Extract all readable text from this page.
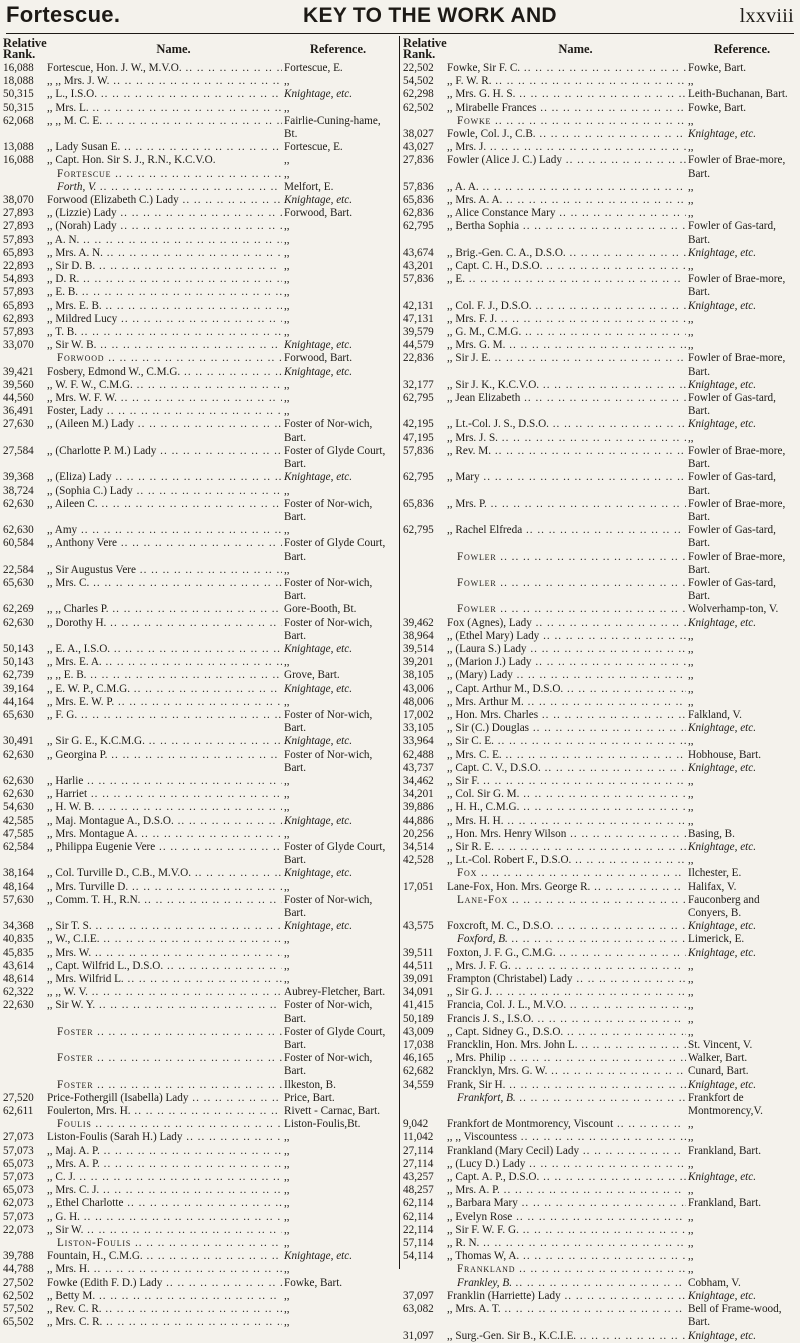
Fortescue.	KEY TO THE WORK AND	lxxviii
Relative Rank.	Name.	Reference.
16,088	Fortescue, Hon. J. W., M.V.O. .. ..	Fortescue, E.
18,088	,, ,, Mrs. J. W. .. ..	,,
50,315	,, L., I.S.O. .. ..	Knightage, etc.
50,315	,, Mrs. L. .. ..	,,
62,068	,, ,, M. C. E. .. ..	Fairlie-Cuning-hame, Bt.
13,088	,, Lady Susan E. .. ..	Fortescue, E.
16,088	,, Capt. Hon. Sir S. J., R.N., K.C.V.O.	,,
Fortescue .. ..	,,
Forth, V. .. ..	Melfort, E.
38,070	Forwood (Elizabeth C.) Lady .. ..	Knightage, etc.
27,893	,, (Lizzie) Lady .. ..	Forwood, Bart.
27,893	,, (Norah) Lady .. ..	,,
57,893	,, A. N. .. ..	,,
65,893	,, Mrs. A. N. .. ..	,,
22,893	,, Sir D. B. .. ..	,,
54,893	,, D. R. .. ..	,,
57,893	,, E. B. .. ..	,,
65,893	,, Mrs. E. B. .. ..	,,
62,893	,, Mildred Lucy .. ..	,,
57,893	,, T. B. .. ..	,,
33,070	,, Sir W. B. .. ..	Knightage, etc.
Forwood .. ..	Forwood, Bart.
39,421	Fosbery, Edmond W., C.M.G. .. ..	Knightage, etc.
39,560	,, W. F. W., C.M.G. .. ..	,,
44,560	,, Mrs. W. F. W. .. ..	,,
36,491	Foster, Lady .. ..	,,
27,630	,, (Aileen M.) Lady .. ..	Foster of Nor-wich, Bart.
27,584	,, (Charlotte P. M.) Lady .. ..	Foster of Glyde Court, Bart.
39,368	,, (Eliza) Lady .. ..	Knightage, etc.
38,724	,, (Sophia C.) Lady .. ..	,,
62,630	,, Aileen C. .. ..	Foster of Nor-wich, Bart.
62,630	,, Amy .. ..	,,
60,584	,, Anthony Vere .. ..	Foster of Glyde Court, Bart.
22,584	,, Sir Augustus Vere .. ..	,,
65,630	,, Mrs. C. .. ..	Foster of Nor-wich, Bart.
62,269	,, ,, Charles P. .. ..	Gore-Booth, Bt.
62,630	,, Dorothy H. .. ..	Foster of Nor-wich, Bart.
50,143	,, E. A., I.S.O. .. ..	Knightage, etc.
50,143	,, Mrs. E. A. .. ..	,,
62,739	,, ,, E. B. .. ..	Grove, Bart.
39,164	,, E. W. P., C.M.G. .. ..	Knightage, etc.
44,164	,, Mrs. E. W. P. .. ..	,,
65,630	,, F. G. .. ..	Foster of Nor-wich, Bart.
30,491	,, Sir G. E., K.C.M.G. .. ..	Knightage, etc.
62,630	,, Georgina P. .. ..	Foster of Nor-wich, Bart.
62,630	,, Harlie .. ..	,,
62,630	,, Harriet .. ..	,,
54,630	,, H. W. B. .. ..	,,
42,585	,, Maj. Montague A., D.S.O. .. ..	Knightage, etc.
47,585	,, Mrs. Montague A. .. ..	,,
62,584	,, Philippa Eugenie Vere .. ..	Foster of Glyde Court, Bart.
38,164	,, Col. Turville D., C.B., M.V.O. .. ..	Knightage, etc.
48,164	,, Mrs. Turville D. .. ..	,,
57,630	,, Comm. T. H., R.N. .. ..	Foster of Nor-wich, Bart.
34,368	,, Sir T. S. .. ..	Knightage, etc.
40,835	,, W., C.I.E. .. ..	,,
45,835	,, Mrs. W. .. ..	,,
43,614	,, Capt. Wilfrid L., D.S.O. .. ..	,,
48,614	,, Mrs. Wilfrid L. .. ..	,,
62,322	,, ,, W. V. .. ..	Aubrey-Fletcher, Bart.
22,630	,, Sir W. Y. .. ..	Foster of Nor-wich, Bart.
Foster .. ..	Foster of Glyde Court, Bart.
Foster .. ..	Foster of Nor-wich, Bart.
Foster .. ..	Ilkeston, B.
27,520	Price-Fothergill (Isabella) Lady .. ..	Price, Bart.
62,611	Foulerton, Mrs. H. .. ..	Rivett - Carnac, Bart.
Foulis .. ..	Liston-Foulis,Bt.
27,073	Liston-Foulis (Sarah H.) Lady .. ..	,,
57,073	,, Maj. A. P. .. ..	,,
65,073	,, Mrs. A. P. .. ..	,,
57,073	,, C. J. .. ..	,,
65,073	,, Mrs. C. J. .. ..	,,
62,073	,, Ethel Charlotte .. ..	,,
57,073	,, G. H. .. ..	,,
22,073	,, Sir W. .. ..	,,
Liston-Foulis .. ..	,,
39,788	Fountain, H., C.M.G. .. ..	Knightage, etc.
44,788	,, Mrs. H. .. ..	,,
27,502	Fowke (Edith F. D.) Lady .. ..	Fowke, Bart.
62,502	,, Betty M. .. ..	,,
57,502	,, Rev. C. R. .. ..	,,
65,502	,, Mrs. C. R. .. ..	,,
Relative Rank.	Name.	Reference.
22,502	Fowke, Sir F. C. .. ..	Fowke, Bart.
54,502	,, F. W. R. .. ..	,,
62,298	,, Mrs. G. H. S. .. ..	Leith-Buchanan, Bart.
62,502	,, Mirabelle Frances .. ..	Fowke, Bart.
Fowke .. ..	,,
38,027	Fowle, Col. J., C.B. .. ..	Knightage, etc.
43,027	,, Mrs. J. .. ..	,,
27,836	Fowler (Alice J. C.) Lady .. ..	Fowler of Brae-more, Bart.
57,836	,, A. A. .. ..	,,
65,836	,, Mrs. A. A. .. ..	,,
62,836	,, Alice Constance Mary .. ..	,,
62,795	,, Bertha Sophia .. ..	Fowler of Gas-tard, Bart.
43,674	,, Brig.-Gen. C. A., D.S.O. .. ..	Knightage, etc.
43,201	,, Capt. C. H., D.S.O. .. ..	,,
57,836	,, E. .. ..	Fowler of Brae-more, Bart.
42,131	,, Col. F. J., D.S.O. .. ..	Knightage, etc.
47,131	,, Mrs. F. J. .. ..	,,
39,579	,, G. M., C.M.G. .. ..	,,
44,579	,, Mrs. G. M. .. ..	,,
22,836	,, Sir J. E. .. ..	Fowler of Brae-more, Bart.
32,177	,, Sir J. K., K.C.V.O. .. ..	Knightage, etc.
62,795	,, Jean Elizabeth .. ..	Fowler of Gas-tard, Bart.
42,195	,, Lt.-Col. J. S., D.S.O. .. ..	Knightage, etc.
47,195	,, Mrs. J. S. .. ..	,,
57,836	,, Rev. M. .. ..	Fowler of Brae-more, Bart.
62,795	,, Mary .. ..	Fowler of Gas-tard, Bart.
65,836	,, Mrs. P. .. ..	Fowler of Brae-more, Bart.
62,795	,, Rachel Elfreda .. ..	Fowler of Gas-tard, Bart.
Fowler .. ..	Fowler of Brae-more, Bart.
Fowler .. ..	Fowler of Gas-tard, Bart.
Fowler .. ..	Wolverhamp-ton, V.
39,462	Fox (Agnes), Lady .. ..	Knightage, etc.
38,964	,, (Ethel Mary) Lady .. ..	,,
39,514	,, (Laura S.) Lady .. ..	,,
39,201	,, (Marion J.) Lady .. ..	,,
38,105	,, (Mary) Lady .. ..	,,
43,006	,, Capt. Arthur M., D.S.O. .. ..	,,
48,006	,, Mrs. Arthur M. .. ..	,,
17,002	,, Hon. Mrs. Charles .. ..	Falkland, V.
33,105	,, Sir (C.) Douglas .. ..	Knightage, etc.
33,964	,, Sir C. E. .. ..	,,
62,488	,, Mrs. C. E. .. ..	Hobhouse, Bart.
43,737	,, Capt. C. V., D.S.O. .. ..	Knightage, etc.
34,462	,, Sir F. .. ..	,,
34,201	,, Col. Sir G. M. .. ..	,,
39,886	,, H. H., C.M.G. .. ..	,,
44,886	,, Mrs. H. H. .. ..	,,
20,256	,, Hon. Mrs. Henry Wilson .. ..	Basing, B.
34,514	,, Sir R. E. .. ..	Knightage, etc.
42,528	,, Lt.-Col. Robert F., D.S.O. .. ..	,,
Fox .. ..	Ilchester, E.
17,051	Lane-Fox, Hon. Mrs. George R. .. ..	Halifax, V.
Lane-Fox .. ..	Fauconberg and Conyers, B.
43,575	Foxcroft, M. C., D.S.O. .. ..	Knightage, etc.
Foxford, B. .. ..	Limerick, E.
39,511	Foxton, J. F. G., C.M.G. .. ..	Knightage, etc.
44,511	,, Mrs. J. F. G. .. ..	,,
39,091	Frampton (Christabel) Lady .. ..	,,
34,091	,, Sir G. J. .. ..	,,
41,415	Francia, Col. J. L., M.V.O. .. ..	,,
50,189	Francis J. S., I.S.O. .. ..	,,
43,009	,, Capt. Sidney G., D.S.O. .. ..	,,
17,038	Francklin, Hon. Mrs. John L. .. ..	St. Vincent, V.
46,165	,, Mrs. Philip .. ..	Walker, Bart.
62,682	Francklyn, Mrs. G. W. .. ..	Cunard, Bart.
34,559	Frank, Sir H. .. ..	Knightage, etc.
Frankfort, B. .. ..	Frankfort de Montmorency,V.
9,042	Frankfort de Montmorency, Viscount .. ..	,,
11,042	,, ,, Viscountess .. ..	,,
27,114	Frankland (Mary Cecil) Lady .. ..	Frankland, Bart.
27,114	,, (Lucy D.) Lady .. ..	,,
43,257	,, Capt. A. P., D.S.O. .. ..	Knightage, etc.
48,257	,, Mrs. A. P. .. ..	,,
62,114	,, Barbara Mary .. ..	Frankland, Bart.
62,114	,, Evelyn Rose .. ..	,,
22,114	,, Sir F. W. F. G. .. ..	,,
57,114	,, R. N. .. ..	,,
54,114	,, Thomas W, A. .. ..	,,
Frankland .. ..	,,
Frankley, B. .. ..	Cobham, V.
37,097	Franklin (Harriette) Lady .. ..	Knightage, etc.
63,082	,, Mrs. A. T. .. ..	Bell of Frame-wood, Bart.
31,097	,, Surg.-Gen. Sir B., K.C.I.E. .. ..	Knightage, etc.
